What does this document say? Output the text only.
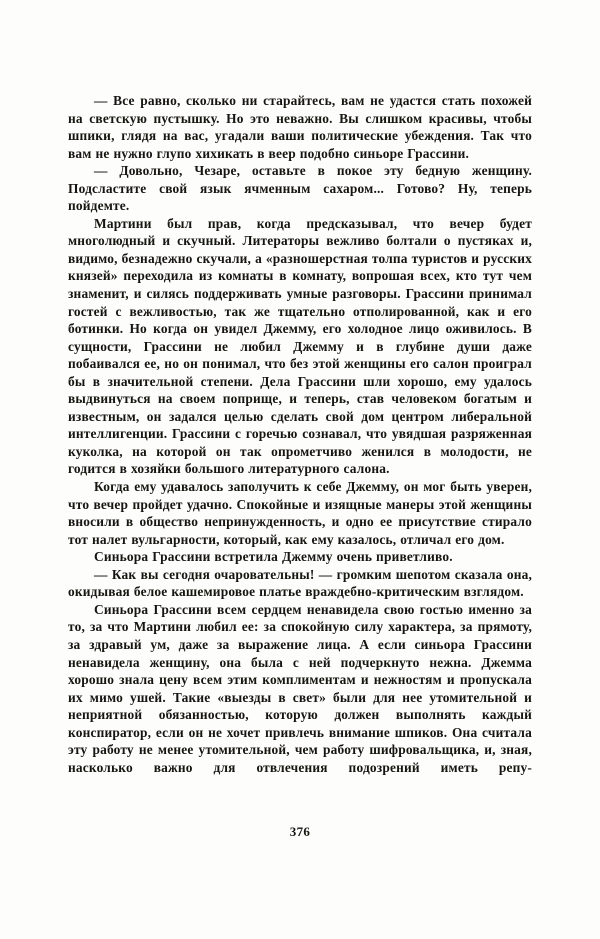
— Все равно, сколько ни старайтесь, вам не удастся стать похожей на светскую пустышку. Но это неважно. Вы слишком красивы, чтобы шпики, глядя на вас, угадали ваши политические убеждения. Так что вам не нужно глупо хихикать в веер подобно синьоре Грассини.

— Довольно, Чезаре, оставьте в покое эту бедную женщину. Подсластите свой язык ячменным сахаром... Готово? Ну, теперь пойдемте.

Мартини был прав, когда предсказывал, что вечер будет многолюдный и скучный. Литераторы вежливо болтали о пустяках и, видимо, безнадежно скучали, а «разношерстная толпа туристов и русских князей» переходила из комнаты в комнату, вопрошая всех, кто тут чем знаменит, и силясь поддерживать умные разговоры. Грассини принимал гостей с вежливостью, так же тщательно отполированной, как и его ботинки. Но когда он увидел Джемму, его холодное лицо оживилось. В сущности, Грассини не любил Джемму и в глубине души даже побаивался ее, но он понимал, что без этой женщины его салон проиграл бы в значительной степени. Дела Грассини шли хорошо, ему удалось выдвинуться на своем поприще, и теперь, став человеком богатым и известным, он задался целью сделать свой дом центром либеральной интеллигенции. Грассини с горечью сознавал, что увядшая разряженная куколка, на которой он так опрометчиво женился в молодости, не годится в хозяйки большого литературного салона.

Когда ему удавалось заполучить к себе Джемму, он мог быть уверен, что вечер пройдет удачно. Спокойные и изящные манеры этой женщины вносили в общество непринужденность, и одно ее присутствие стирало тот налет вульгарности, который, как ему казалось, отличал его дом.

Синьора Грассини встретила Джемму очень приветливо.

— Как вы сегодня очаровательны! — громким шепотом сказала она, окидывая белое кашемировое платье враждебно-критическим взглядом.

Синьора Грассини всем сердцем ненавидела свою гостью именно за то, за что Мартини любил ее: за спокойную силу характера, за прямоту, за здравый ум, даже за выражение лица. А если синьора Грассини ненавидела женщину, она была с ней подчеркнуто нежна. Джемма хорошо знала цену всем этим комплиментам и нежностям и пропускала их мимо ушей. Такие «выезды в свет» были для нее утомительной и неприятной обязанностью, которую должен выполнять каждый конспиратор, если он не хочет привлечь внимание шпиков. Она считала эту работу не менее утомительной, чем работу шифровальщика, и, зная, насколько важно для отвлечения подозрений иметь репу-

376
